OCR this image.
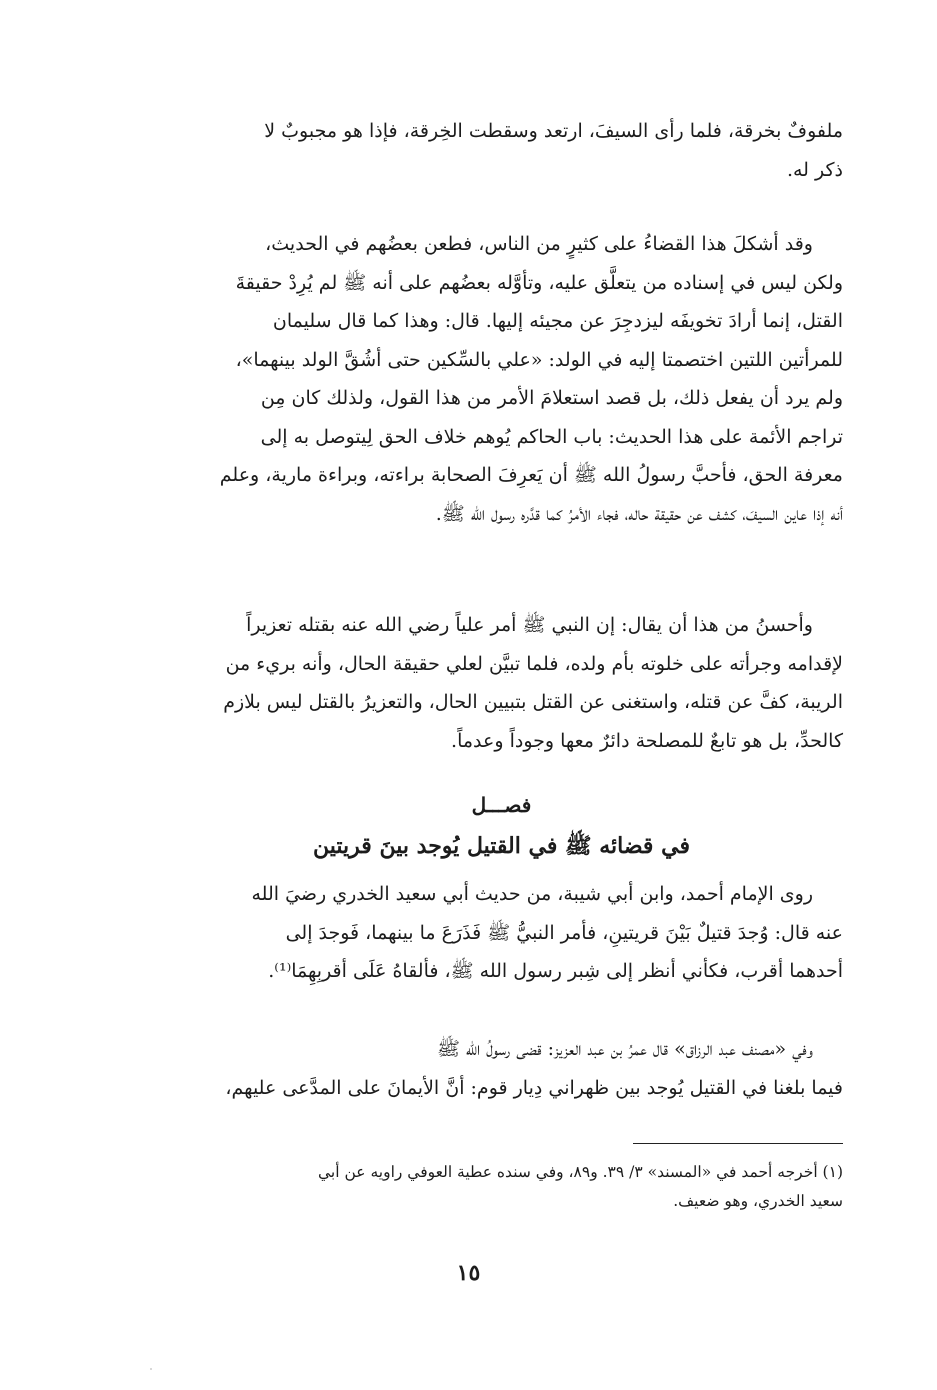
ملفوفٌ بخرقة، فلما رأى السيفَ، ارتعد وسقطت الخِرقة، فإذا هو مجبوبٌ لا
ذكر له.

وقد أشكلَ هذا القضاءُ على كثيرٍ من الناس، فطعن بعضُهم في الحديث،
ولكن ليس في إسناده من يتعلَّق عليه، وتأوَّله بعضُهم على أنه ﷺ لم يُرِدْ حقيقةَ
القتل، إنما أرادَ تخويفَه ليزدجِرَ عن مجيئه إليها. قال: وهذا كما قال سليمان
للمرأتين اللتين اختصمتا إليه في الولد: «علي بالسِّكين حتى أشُقَّ الولد بينهما»،
ولم يرد أن يفعل ذلك، بل قصد استعلامَ الأمر من هذا القول، ولذلك كان مِن
تراجم الأئمة على هذا الحديث: باب الحاكم يُوهم خلاف الحق لِيتوصل به إلى
معرفة الحق، فأحبَّ رسولُ الله ﷺ أن يَعرِفَ الصحابة براءته، وبراءة مارية، وعلم
أنه إذا عاين السيفَ، كشف عن حقيقة حاله، فجاء الأمرُ كما قدَّره رسول الله ﷺ.

وأحسنُ من هذا أن يقال: إن النبي ﷺ أمر علياً رضي الله عنه بقتله تعزيراً
لإقدامه وجرأته على خلوته بأم ولده، فلما تبيَّن لعلي حقيقة الحال، وأنه بريء من
الريبة، كفَّ عن قتله، واستغنى عن القتل بتبيين الحال، والتعزيرُ بالقتل ليس بلازم
كالحدِّ، بل هو تابعٌ للمصلحة دائرٌ معها وجوداً وعدماً.

فصـــل

في قضائه ﷺ في القتيل يُوجد بينَ قريتين

روى الإمام أحمد، وابن أبي شيبة، من حديث أبي سعيد الخدري رضيَ الله
عنه قال: وُجدَ قتيلٌ بَيْنَ قريتينِ، فأمر النبيُّ ﷺ فَذَرَعَ ما بينهما، فَوجدَ إلى
أحدهما أقرب، فكأني أنظر إلى شِبر رسول الله ﷺ، فألقاهُ عَلَى أقربِهِمَا⁽¹⁾.

وفي «مصنف عبد الرزاق» قال عمرُ بن عبد العزيز: قضى رسولُ الله ﷺ
فيما بلغنا في القتيل يُوجد بين ظهراني دِيار قوم: أنَّ الأيمانَ على المدَّعى عليهم،

(١) أخرجه أحمد في «المسند» ٣/ ٣٩. و٨٩، وفي سنده عطية العوفي راويه عن أبي
سعيد الخدري، وهو ضعيف.

١٥
